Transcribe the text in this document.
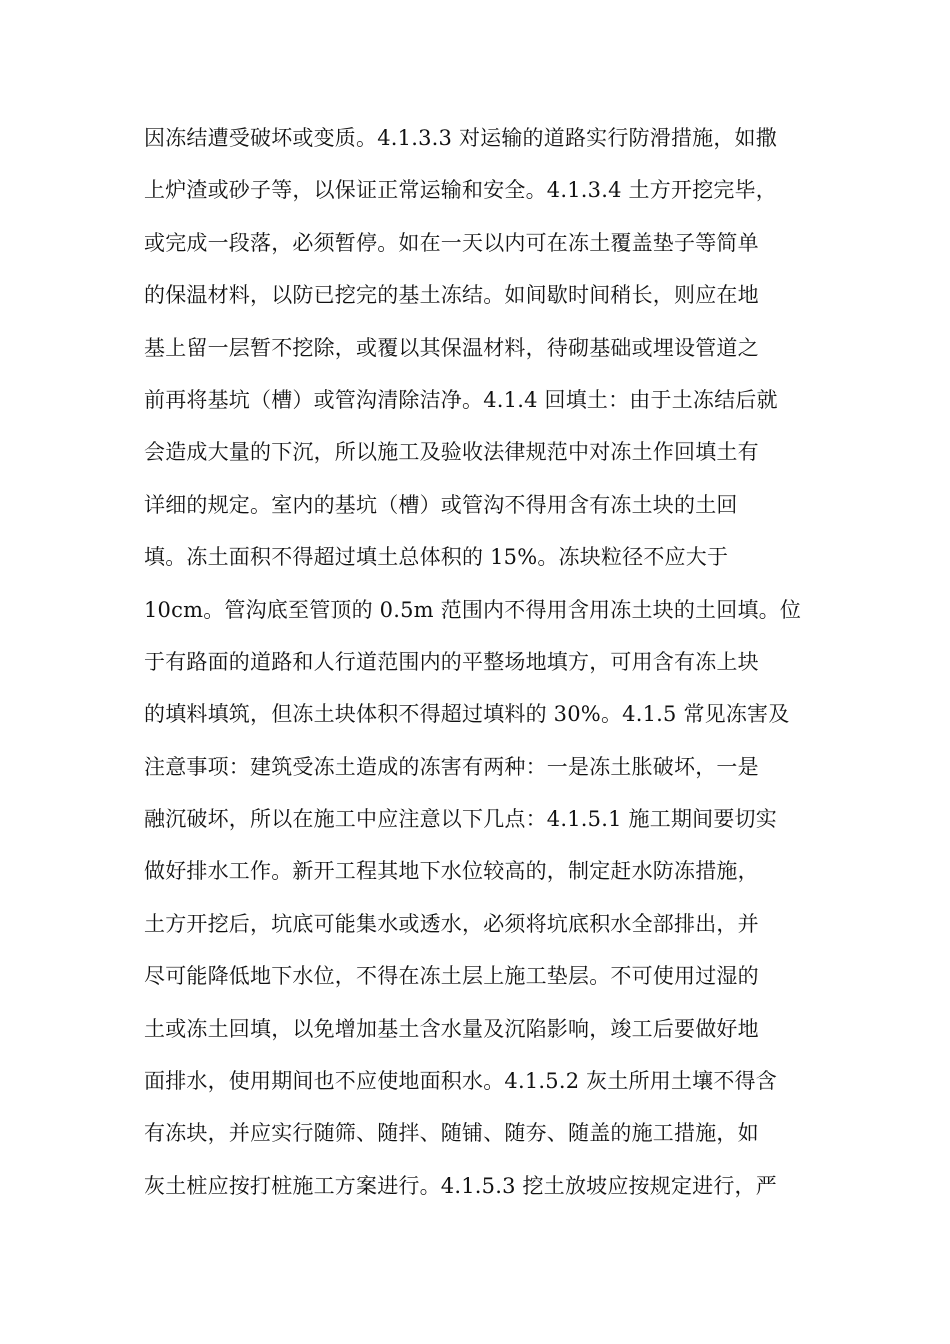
因冻结遭受破坏或变质。4.1.3.3 对运输的道路实行防滑措施，如撒
上炉渣或砂子等，以保证正常运输和安全。4.1.3.4 土方开挖完毕，
或完成一段落，必须暂停。如在一天以内可在冻土覆盖垫子等简单
的保温材料，以防已挖完的基土冻结。如间歇时间稍长，则应在地
基上留一层暂不挖除，或覆以其保温材料，待砌基础或埋设管道之
前再将基坑（槽）或管沟清除洁净。4.1.4 回填土：由于土冻结后就
会造成大量的下沉，所以施工及验收法律规范中对冻土作回填土有
详细的规定。室内的基坑（槽）或管沟不得用含有冻土块的土回
填。冻土面积不得超过填土总体积的 15%。冻块粒径不应大于
10cm。管沟底至管顶的 0.5m 范围内不得用含用冻土块的土回填。位
于有路面的道路和人行道范围内的平整场地填方，可用含有冻上块
的填料填筑，但冻土块体积不得超过填料的 30%。4.1.5 常见冻害及
注意事项：建筑受冻土造成的冻害有两种：一是冻土胀破坏，一是
融沉破坏，所以在施工中应注意以下几点：4.1.5.1 施工期间要切实
做好排水工作。新开工程其地下水位较高的，制定赶水防冻措施，
土方开挖后，坑底可能集水或透水，必须将坑底积水全部排出，并
尽可能降低地下水位，不得在冻土层上施工垫层。不可使用过湿的
土或冻土回填，以免增加基土含水量及沉陷影响，竣工后要做好地
面排水，使用期间也不应使地面积水。4.1.5.2 灰土所用土壤不得含
有冻块，并应实行随筛、随拌、随铺、随夯、随盖的施工措施，如
灰土桩应按打桩施工方案进行。4.1.5.3 挖土放坡应按规定进行，严
